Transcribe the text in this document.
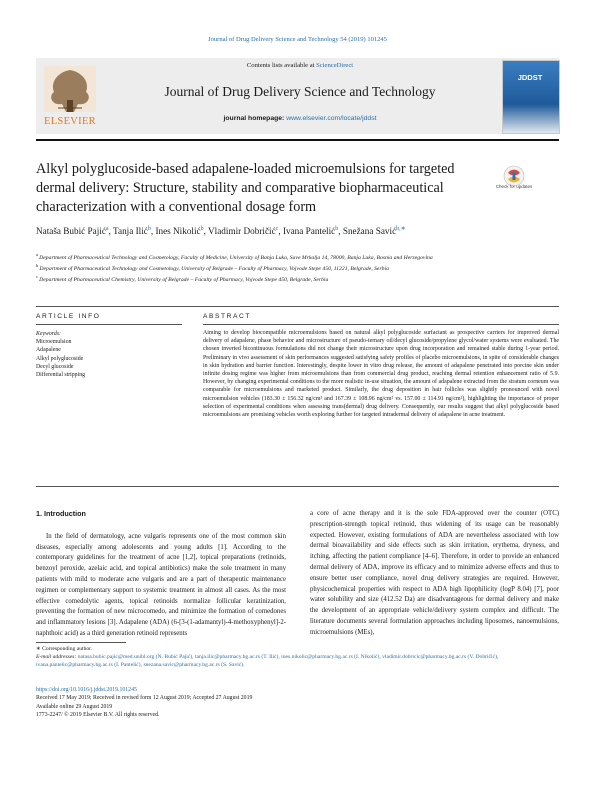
Journal of Drug Delivery Science and Technology 54 (2019) 101245
ELSEVIER
Contents lists available at ScienceDirect
Journal of Drug Delivery Science and Technology
journal homepage: www.elsevier.com/locate/jddst
JDDST
Alkyl polyglucoside-based adapalene-loaded microemulsions for targeted dermal delivery: Structure, stability and comparative biopharmaceutical characterization with a conventional dosage form
Check for updates
Nataša Bubić Pajić$^a$, Tanja Ilić$^b$, Ines Nikolić$^b$, Vladimir Dobričić$^c$, Ivana Pantelić$^b$, Snežana Savić$^{b,∗}$
$^a$ Department of Pharmaceutical Technology and Cosmetology, Faculty of Medicine, University of Banja Luka, Save Mrkalja 14, 78000, Banja Luka, Bosnia and Herzegovina
$^b$ Department of Pharmaceutical Technology and Cosmetology, University of Belgrade – Faculty of Pharmacy, Vojvode Stepe 450, 11221, Belgrade, Serbia
$^c$ Department of Pharmaceutical Chemistry, University of Belgrade – Faculty of Pharmacy, Vojvode Stepe 450, Belgrade, Serbia
ARTICLE INFO
Keywords:
Microemulsion
Adapalene
Alkyl polyglucoside
Decyl glucoside
Differential stripping
ABSTRACT
Aiming to develop biocompatible microemulsions based on natural alkyl polyglucoside surfactant as prospective carriers for improved dermal delivery of adapalene, phase behavior and microstructure of pseudo-ternary oil/decyl glucoside/propylene glycol/water systems were evaluated. The chosen inverted bicontinuous formulations did not change their microstructure upon drug incorporation and remained stable during 1-year period. Preliminary in vivo assessment of skin performances suggested satisfying safety profiles of placebo microemulsions, in spite of considerable changes in skin hydration and barrier function. Interestingly, despite lower in vitro drug release, the amount of adapalene penetrated into porcine skin under infinite dosing regime was higher from microemulsions than from commercial drug product, reaching dermal retention enhancement ratio of 5.9. However, by changing experimental conditions to the more realistic in-use situation, the amount of adapalene extracted from the stratum corneum was comparable for microemulsions and marketed product. Similarly, the drug deposition in hair follicles was slightly pronounced with novel microemulsion vehicles (183.30 ± 156.32 ng/cm² and 167.39 ± 108.96 ng/cm² vs. 157.00 ± 114.91 ng/cm²), highlighting the importance of proper selection of experimental conditions when assessing trans(dermal) drug delivery. Consequently, our results suggest that alkyl polyglucoside based microemulsions are promising vehicles worth exploring further for targeted intradermal delivery of adapalene in acne treatment.
1. Introduction

In the field of dermatology, acne vulgaris represents one of the most common skin diseases, especially among adolescents and young adults [1]. According to the contemporary guidelines for the treatment of acne [1,2], topical preparations (retinoids, benzoyl peroxide, azelaic acid, and topical antibiotics) make the sole treatment in many patients with mild to moderate acne vulgaris and are a part of therapeutic maintenance regimen or complementary support to systemic treatment in almost all cases. As the most effective comedolytic agents, topical retinoids normalize follicular keratinization, preventing the formation of new microcomedo, and minimize the formation of comedones and inflammatory lesions [3]. Adapalene (ADA) (6-[3-(1-adamantyl)-4-methoxyphenyl]-2-naphthoic acid) as a third generation retinoid represents

a core of acne therapy and it is the sole FDA-approved over the counter (OTC) prescription-strength topical retinoid, thus widening of its usage can be reasonably expected. However, existing formulations of ADA are nevertheless associated with low dermal bioavailability and side effects such as skin irritation, erythema, dryness, and itching, affecting the patient compliance [4–6]. Therefore, in order to provide an enhanced dermal delivery of ADA, improve its efficacy and to minimize adverse effects and thus to ensure better user compliance, novel drug delivery strategies are required. However, physicochemical properties with respect to ADA high lipophilicity (logP 8.04) [7], poor water solubility and size (412.52 Da) are disadvantageous for dermal delivery and make the development of an appropriate vehicle/delivery system complex and difficult. The literature documents several formulation approaches including liposomes, nanoemulsions, microemulsions (MEs),

∗ Corresponding author.
E-mail addresses: natasa.bubic.pajic@med.unibl.org (N. Bubić Pajić), tanja.ilic@pharmacy.bg.ac.rs (T. Ilić), ines.nikolic@pharmacy.bg.ac.rs (I. Nikolić), vladimir.dobricic@pharmacy.bg.ac.rs (V. Dobričić), ivana.pantelic@pharmacy.bg.ac.rs (I. Pantelić), snezana.savic@pharmacy.bg.ac.rs (S. Savić).
https://doi.org/10.1016/j.jddst.2019.101245
Received 17 May 2019; Received in revised form 12 August 2019; Accepted 27 August 2019
Available online 29 August 2019
1773-2247/ © 2019 Elsevier B.V. All rights reserved.
